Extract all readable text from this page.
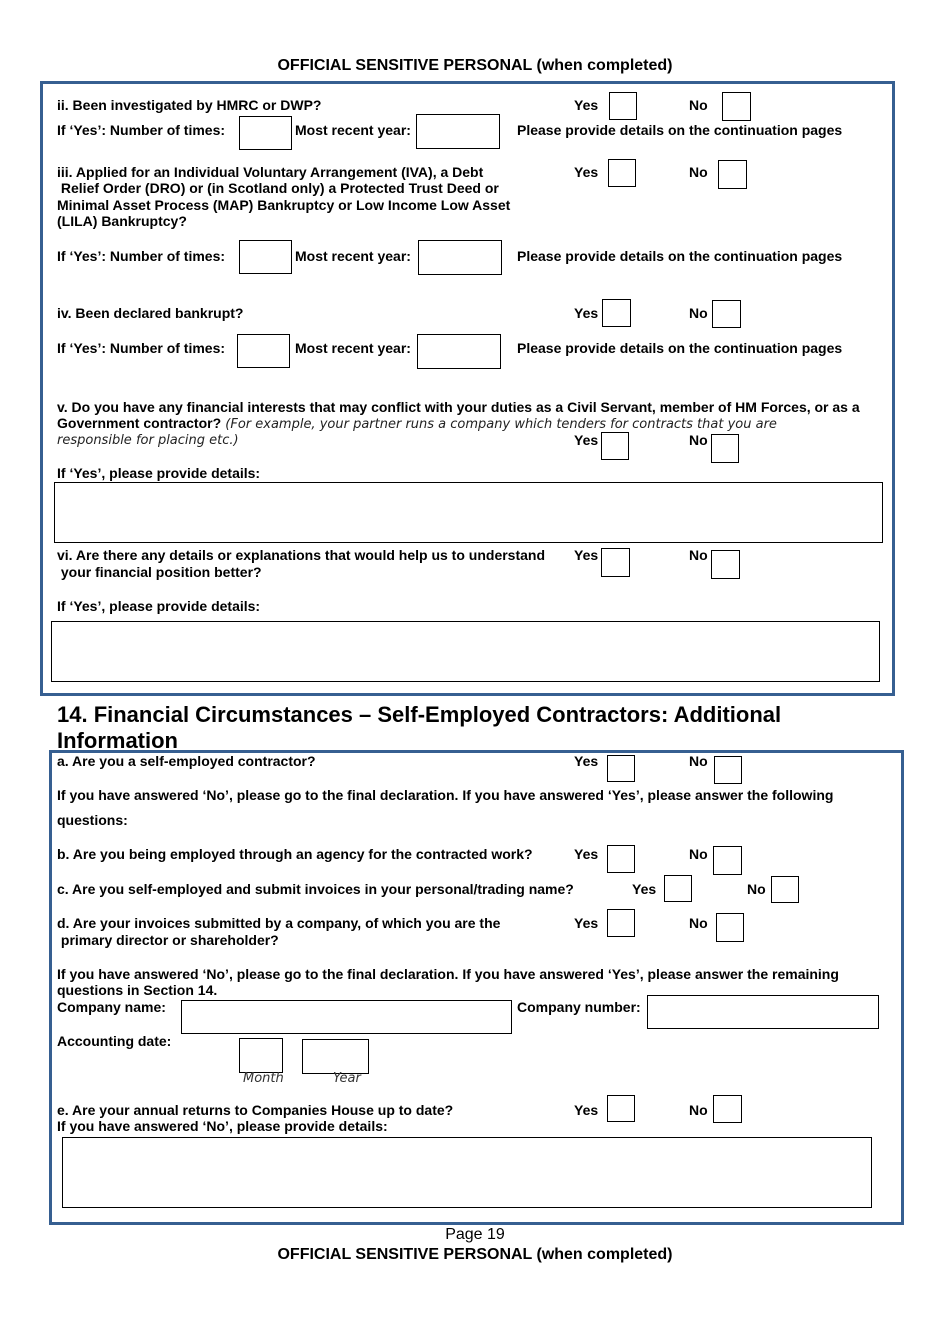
OFFICIAL SENSITIVE PERSONAL (when completed)
ii. Been investigated by HMRC or DWP?	Yes	No
If ‘Yes’: Number of times:	Most recent year:	Please provide details on the continuation pages
iii. Applied for an Individual Voluntary Arrangement (IVA), a Debt
Relief Order (DRO) or (in Scotland only) a Protected Trust Deed or
Minimal Asset Process (MAP) Bankruptcy or Low Income Low Asset
(LILA) Bankruptcy?
Yes	No
If ‘Yes’: Number of times:	Most recent year:	Please provide details on the continuation pages
iv. Been declared bankrupt?	Yes	No
If ‘Yes’: Number of times:	Most recent year:	Please provide details on the continuation pages
v. Do you have any financial interests that may conflict with your duties as a Civil Servant, member of HM Forces, or as a
Government contractor? (For example, your partner runs a company which tenders for contracts that you are
responsible for placing etc.)	Yes	No
If ‘Yes’, please provide details:
vi. Are there any details or explanations that would help us to understand
your financial position better?
Yes	No
If ‘Yes’, please provide details:
14. Financial Circumstances – Self-Employed Contractors: Additional
Information
a. Are you a self-employed contractor?	Yes	No
If you have answered ‘No’, please go to the final declaration. If you have answered ‘Yes’, please answer the following
questions:
b. Are you being employed through an agency for the contracted work?	Yes	No
c. Are you self-employed and submit invoices in your personal/trading name?	Yes	No
d. Are your invoices submitted by a company, of which you are the
primary director or shareholder?
Yes	No
If you have answered ‘No’, please go to the final declaration. If you have answered ‘Yes’, please answer the remaining
questions in Section 14.
Company name:	Company number:
Accounting date:
Month	Year
e. Are your annual returns to Companies House up to date?
If you have answered ‘No’, please provide details:
Yes	No
Page 19
OFFICIAL SENSITIVE PERSONAL (when completed)
